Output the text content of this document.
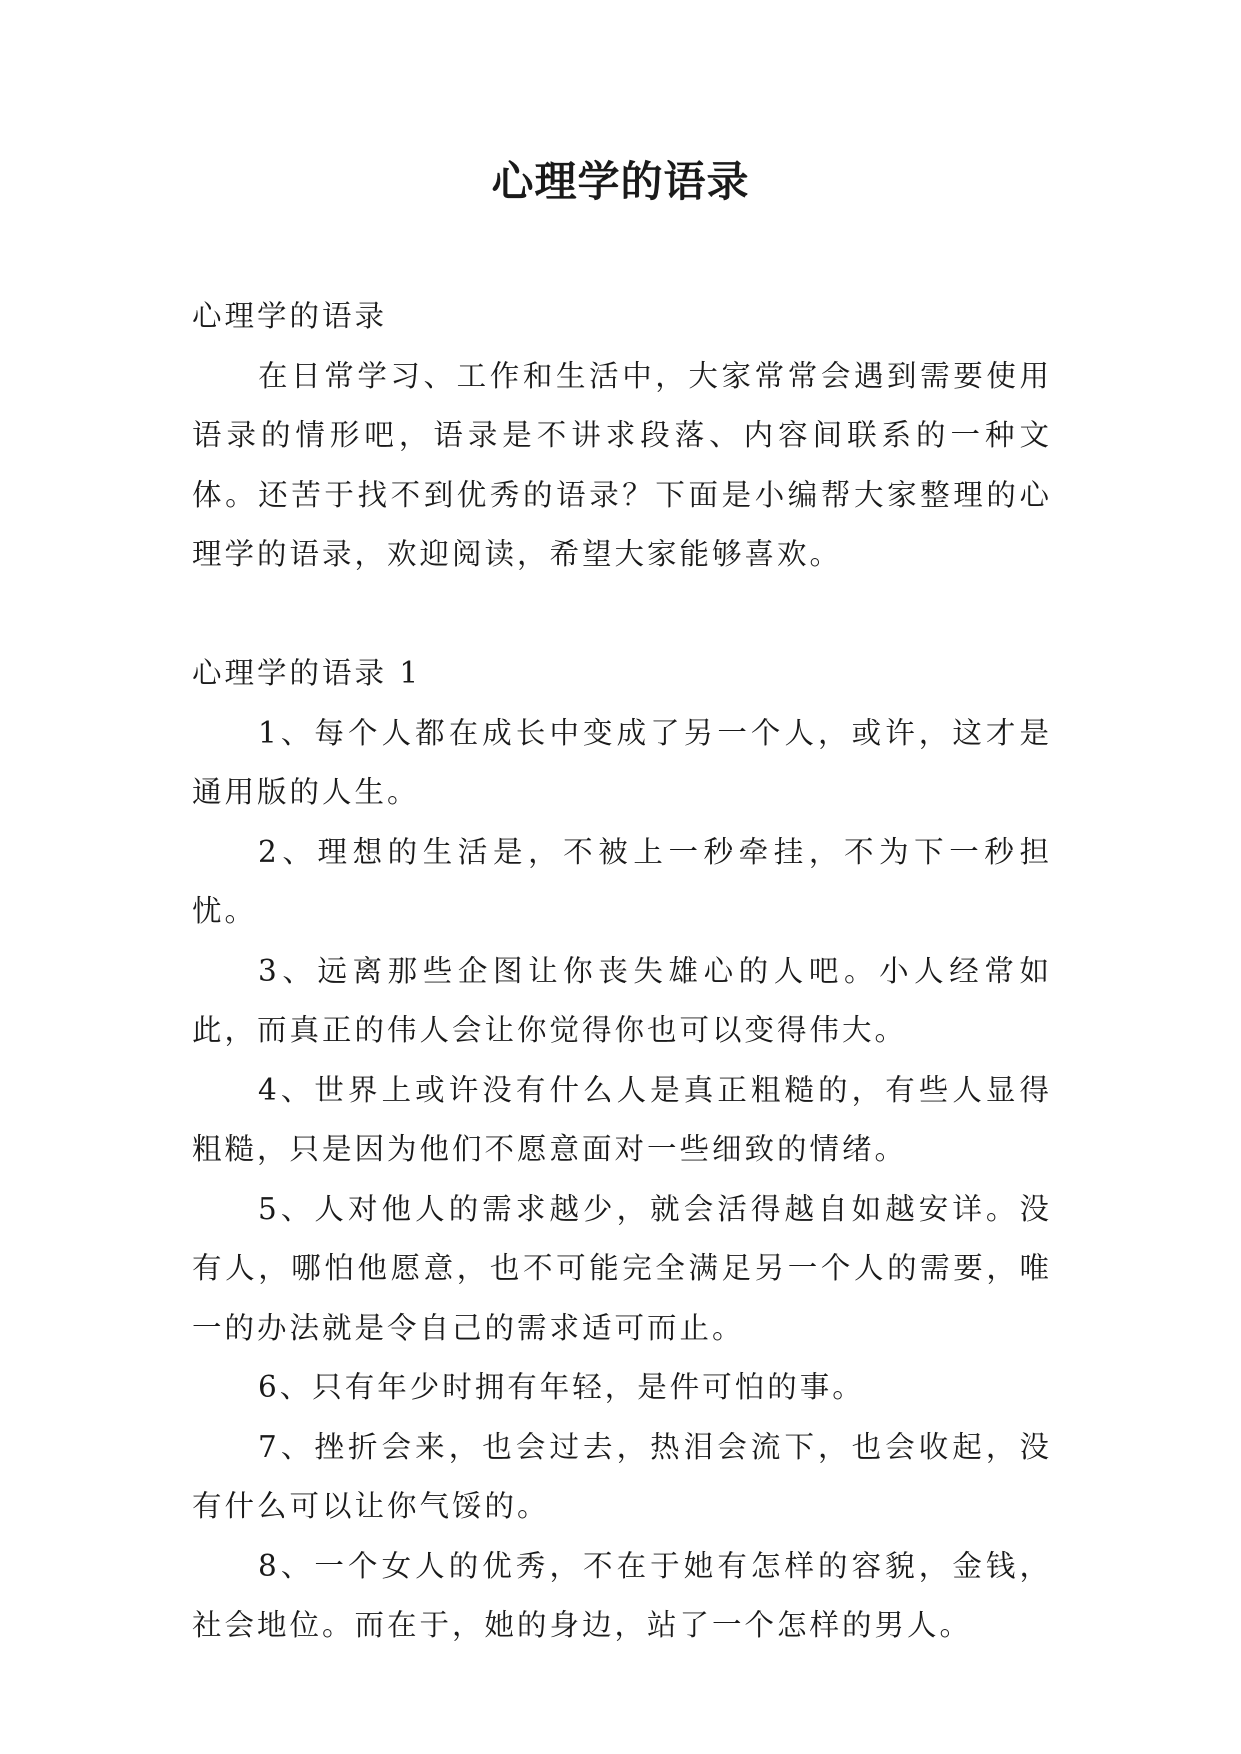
心理学的语录

心理学的语录

在日常学习、工作和生活中，大家常常会遇到需要使用语录的情形吧，语录是不讲求段落、内容间联系的一种文体。还苦于找不到优秀的语录？下面是小编帮大家整理的心理学的语录，欢迎阅读，希望大家能够喜欢。

心理学的语录 1

1、每个人都在成长中变成了另一个人，或许，这才是通用版的人生。

2、理想的生活是，不被上一秒牵挂，不为下一秒担忧。

3、远离那些企图让你丧失雄心的人吧。小人经常如此，而真正的伟人会让你觉得你也可以变得伟大。

4、世界上或许没有什么人是真正粗糙的，有些人显得粗糙，只是因为他们不愿意面对一些细致的情绪。

5、人对他人的需求越少，就会活得越自如越安详。没有人，哪怕他愿意，也不可能完全满足另一个人的需要，唯一的办法就是令自己的需求适可而止。

6、只有年少时拥有年轻，是件可怕的事。

7、挫折会来，也会过去，热泪会流下，也会收起，没有什么可以让你气馁的。

8、一个女人的优秀，不在于她有怎样的容貌，金钱，社会地位。而在于，她的身边，站了一个怎样的男人。
